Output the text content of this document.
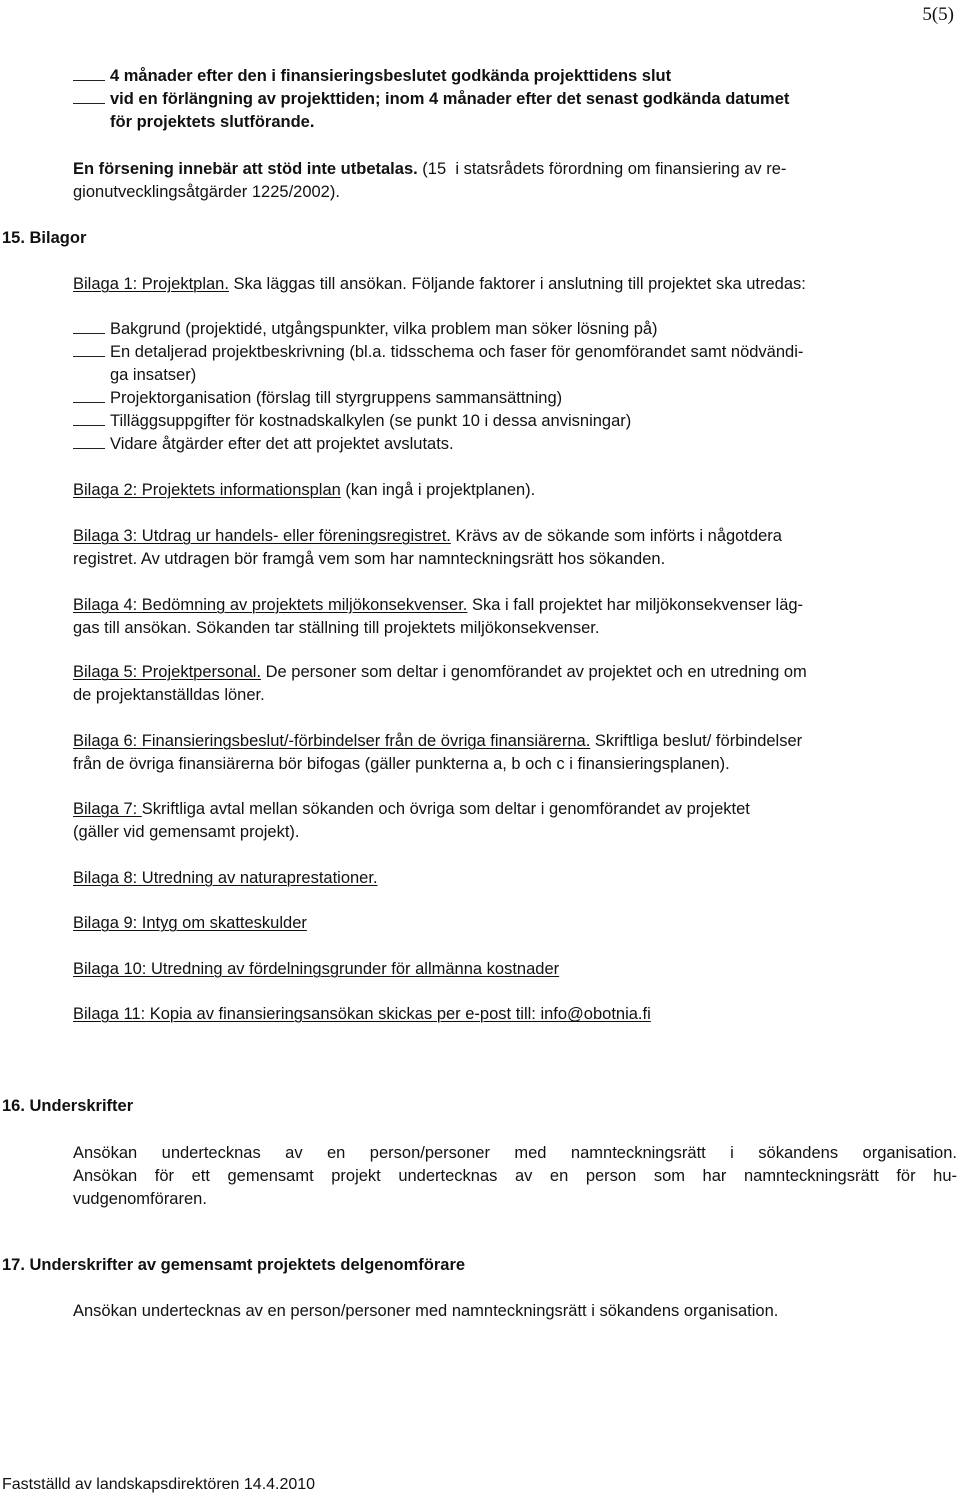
5(5)
4 månader efter den i finansieringsbeslutet godkända projekttidens slut
vid en förlängning av projekttiden; inom 4 månader efter det senast godkända datumet
för projektets slutförande.
En försening innebär att stöd inte utbetalas. (15  i statsrådets förordning om finansiering av re-
gionutvecklingsåtgärder 1225/2002).
15. Bilagor
Bilaga 1: Projektplan. Ska läggas till ansökan. Följande faktorer i anslutning till projektet ska utredas:
Bakgrund (projektidé, utgångspunkter, vilka problem man söker lösning på)
En detaljerad projektbeskrivning (bl.a. tidsschema och faser för genomförandet samt nödvändi-
ga insatser)
Projektorganisation (förslag till styrgruppens sammansättning)
Tilläggsuppgifter för kostnadskalkylen (se punkt 10 i dessa anvisningar)
Vidare åtgärder efter det att projektet avslutats.
Bilaga 2: Projektets informationsplan (kan ingå i projektplanen).
Bilaga 3: Utdrag ur handels- eller föreningsregistret. Krävs av de sökande som införts i någotdera
registret. Av utdragen bör framgå vem som har namnteckningsrätt hos sökanden.
Bilaga 4: Bedömning av projektets miljökonsekvenser. Ska i fall projektet har miljökonsekvenser läg-
gas till ansökan. Sökanden tar ställning till projektets miljökonsekvenser.
Bilaga 5: Projektpersonal. De personer som deltar i genomförandet av projektet och en utredning om
de projektanställdas löner.
Bilaga 6: Finansieringsbeslut/-förbindelser från de övriga finansiärerna. Skriftliga beslut/ förbindelser
från de övriga finansiärerna bör bifogas (gäller punkterna a, b och c i finansieringsplanen).
Bilaga 7: Skriftliga avtal mellan sökanden och övriga som deltar i genomförandet av projektet
(gäller vid gemensamt projekt).
Bilaga 8: Utredning av naturaprestationer.
Bilaga 9: Intyg om skatteskulder
Bilaga 10: Utredning av fördelningsgrunder för allmänna kostnader
Bilaga 11: Kopia av finansieringsansökan skickas per e-post till: info@obotnia.fi
16. Underskrifter
Ansökan undertecknas av en person/personer med namnteckningsrätt i sökandens organisation.
Ansökan för ett gemensamt projekt undertecknas av en person som har namnteckningsrätt för hu-
vudgenomföraren.
17. Underskrifter av gemensamt projektets delgenomförare
Ansökan undertecknas av en person/personer med namnteckningsrätt i sökandens organisation.
Fastställd av landskapsdirektören 14.4.2010
